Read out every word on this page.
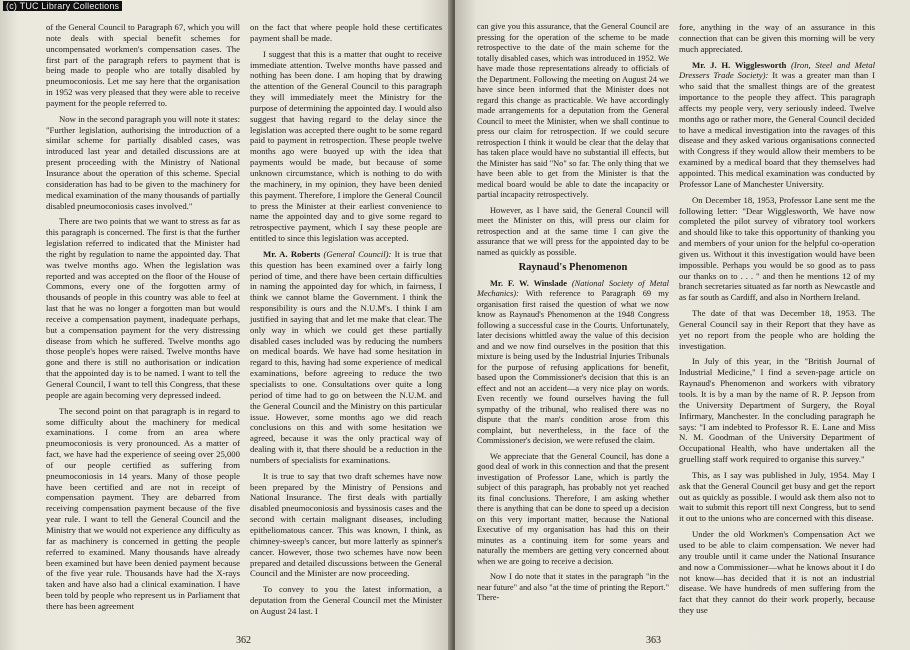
(c) TUC Library Collections

of the General Council to Paragraph 67, which you will note deals with special benefit schemes for uncompensated workmen's compensation cases. The first part of the paragraph refers to payment that is being made to people who are totally disabled by pneumoconiosis. Let me say here that the organisation in 1952 was very pleased that they were able to receive payment for the people referred to.

Now in the second paragraph you will note it states: "Further legislation, authorising the introduction of a similar scheme for partially disabled cases, was introduced last year and detailed discussions are at present proceeding with the Ministry of National Insurance about the operation of this scheme. Special consideration has had to be given to the machinery for medical examination of the many thousands of partially disabled pneumoconiosis cases involved."

There are two points that we want to stress as far as this paragraph is concerned. The first is that the further legislation referred to indicated that the Minister had the right by regulation to name the appointed day. That was twelve months ago. When the legislation was reported and was accepted on the floor of the House of Commons, every one of the forgotten army of thousands of people in this country was able to feel at last that he was no longer a forgotten man but would receive a compensation payment, inadequate perhaps, but a compensation payment for the very distressing disease from which he suffered. Twelve months ago those people's hopes were raised. Twelve months have gone and there is still no authorisation or indication that the appointed day is to be named. I want to tell the General Council, I want to tell this Congress, that these people are again becoming very depressed indeed.

The second point on that paragraph is in regard to some difficulty about the machinery for medical examinations. I come from an area where pneumoconiosis is very pronounced. As a matter of fact, we have had the experience of seeing over 25,000 of our people certified as suffering from pneumoconiosis in 14 years. Many of those people have been certified and are not in receipt of compensation payment. They are debarred from receiving compensation payment because of the five year rule. I want to tell the General Council and the Ministry that we would not experience any difficulty as far as machinery is concerned in getting the people referred to examined. Many thousands have already been examined but have been denied payment because of the five year rule. Thousands have had the X-rays taken and have also had a clinical examination. I have been told by people who represent us in Parliament that there has been agreement

on the fact that where people hold these certificates payment shall be made.

I suggest that this is a matter that ought to receive immediate attention. Twelve months have passed and nothing has been done. I am hoping that by drawing the attention of the General Council to this paragraph they will immediately meet the Ministry for the purpose of determining the appointed day. I would also suggest that having regard to the delay since the legislation was accepted there ought to be some regard paid to payment in retrospection. These people twelve months ago were buoyed up with the idea that payments would be made, but because of some unknown circumstance, which is nothing to do with the machinery, in my opinion, they have been denied this payment. Therefore, I implore the General Council to press the Minister at their earliest convenience to name the appointed day and to give some regard to retrospective payment, which I say these people are entitled to since this legislation was accepted.

Mr. A. Roberts (General Council): It is true that this question has been examined over a fairly long period of time, and there have been certain difficulties in naming the appointed day for which, in fairness, I think we cannot blame the Government. I think the responsibility is ours and the N.U.M's. I think I am justified in saying that and let me make that clear. The only way in which we could get these partially disabled cases included was by reducing the numbers on medical boards. We have had some hesitation in regard to this, having had some experience of medical examinations, before agreeing to reduce the two specialists to one. Consultations over quite a long period of time had to go on between the N.U.M. and the General Council and the Ministry on this particular issue. However, some months ago we did reach conclusions on this and with some hesitation we agreed, because it was the only practical way of dealing with it, that there should be a reduction in the numbers of specialists for examinations.

It is true to say that two draft schemes have now been prepared by the Ministry of Pensions and National Insurance. The first deals with partially disabled pneumoconiosis and byssinosis cases and the second with certain malignant diseases, including epitheliomatous cancer. This was known, I think, as chimney-sweep's cancer, but more latterly as spinner's cancer. However, those two schemes have now been prepared and detailed discussions between the General Council and the Minister are now proceeding.

To convey to you the latest information, a deputation from the General Council met the Minister on August 24 last. I

362

can give you this assurance, that the General Council are pressing for the operation of the scheme to be made retrospective to the date of the main scheme for the totally disabled cases, which was introduced in 1952. We have made those representations already to officials of the Department. Following the meeting on August 24 we have since been informed that the Minister does not regard this change as practicable. We have accordingly made arrangements for a deputation from the General Council to meet the Minister, when we shall continue to press our claim for retrospection. If we could secure retrospection I think it would be clear that the delay that has taken place would have no substantial ill effects, but the Minister has said "No" so far. The only thing that we have been able to get from the Minister is that the medical board would be able to date the incapacity or partial incapacity retrospectively.

However, as I have said, the General Council will meet the Minister on this, will press our claim for retrospection and at the same time I can give the assurance that we will press for the appointed day to be named as quickly as possible.

Raynaud's Phenomenon

Mr. F. W. Winslade (National Society of Metal Mechanics): With reference to Paragraph 69 my organisation first raised the question of what we now know as Raynaud's Phenomenon at the 1948 Congress following a successful case in the Courts. Unfortunately, later decisions whittled away the value of this decision and and we now find ourselves in the position that this mixture is being used by the Industrial Injuries Tribunals for the purpose of refusing applications for benefit, based upon the Commissioner's decision that this is an effect and not an accident—a very nice play on words. Even recently we found ourselves having the full sympathy of the tribunal, who realised there was no dispute that the man's condition arose from this complaint, but nevertheless, in the face of the Commissioner's decision, we were refused the claim.

We appreciate that the General Council, has done a good deal of work in this connection and that the present investigation of Professor Lane, which is partly the subject of this paragraph, has probably not yet reached its final conclusions. Therefore, I am asking whether there is anything that can be done to speed up a decision on this very important matter, because the National Executive of my organisation has had this on their minutes as a continuing item for some years and naturally the members are getting very concerned about when we are going to receive a decision.

Now I do note that it states in the paragraph "in the near future" and also "at the time of printing the Report." There-

fore, anything in the way of an assurance in this connection that can be given this morning will be very much appreciated.

Mr. J. H. Wigglesworth (Iron, Steel and Metal Dressers Trade Society): It was a greater man than I who said that the smallest things are of the greatest importance to the people they affect. This paragraph affects my people very, very seriously indeed. Twelve months ago or rather more, the General Council decided to have a medical investigation into the ravages of this disease and they asked various organisations connected with Congress if they would allow their members to be examined by a medical board that they themselves had appointed. This medical examination was conducted by Professor Lane of Manchester University.

On December 18, 1953, Professor Lane sent me the following letter: "Dear Wigglesworth, We have now completed the pilot survey of vibratory tool workers and should like to take this opportunity of thanking you and members of your union for the helpful co-operation given us. Without it this investigation would have been impossible. Perhaps you would be so good as to pass our thanks on to . . . " and then he mentions 12 of my branch secretaries situated as far north as Newcastle and as far south as Cardiff, and also in Northern Ireland.

The date of that was December 18, 1953. The General Council say in their Report that they have as yet no report from the people who are holding the investigation.

In July of this year, in the "British Journal of Industrial Medicine," I find a seven-page article on Raynaud's Phenomenon and workers with vibratory tools. It is by a man by the name of R. P. Jepson from the University Department of Surgery, the Royal Infirmary, Manchester. In the concluding paragraph he says: "I am indebted to Professor R. E. Lane and Miss N. M. Goodman of the University Department of Occupational Health, who have undertaken all the gruelling staff work required to organise this survey."

This, as I say was published in July, 1954. May I ask that the General Council get busy and get the report out as quickly as possible. I would ask them also not to wait to submit this report till next Congress, but to send it out to the unions who are concerned with this disease.

Under the old Workmen's Compensation Act we used to be able to claim compensation. We never had any trouble until it came under the National Insurance and now a Commissioner—what he knows about it I do not know—has decided that it is not an industrial disease. We have hundreds of men suffering from the fact that they cannot do their work properly, because they use

363
